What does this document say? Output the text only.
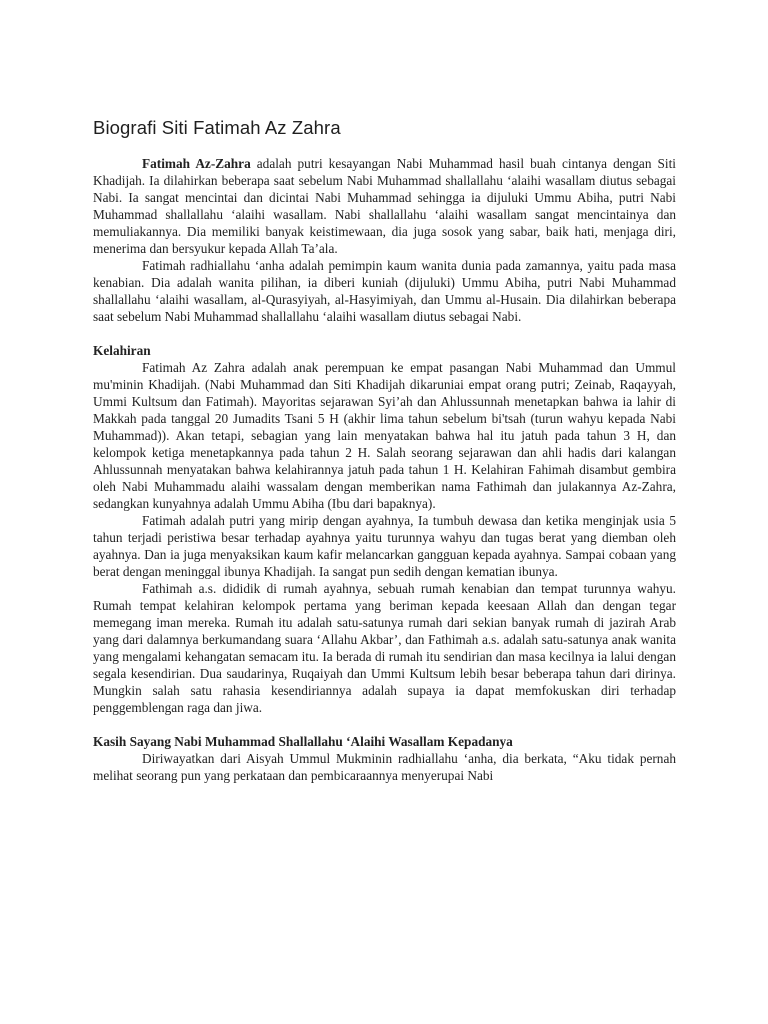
Biografi Siti Fatimah Az Zahra

Fatimah Az-Zahra adalah putri kesayangan Nabi Muhammad hasil buah cintanya dengan Siti Khadijah. Ia dilahirkan beberapa saat sebelum Nabi Muhammad shallallahu ‘alaihi wasallam diutus sebagai Nabi. Ia sangat mencintai dan dicintai Nabi Muhammad sehingga ia dijuluki Ummu Abiha, putri Nabi Muhammad shallallahu ‘alaihi wasallam. Nabi shallallahu ‘alaihi wasallam sangat mencintainya dan memuliakannya. Dia memiliki banyak keistimewaan, dia juga sosok yang sabar, baik hati, menjaga diri, menerima dan bersyukur kepada Allah Ta’ala.

Fatimah radhiallahu ‘anha adalah pemimpin kaum wanita dunia pada zamannya, yaitu pada masa kenabian. Dia adalah wanita pilihan, ia diberi kuniah (dijuluki) Ummu Abiha, putri Nabi Muhammad shallallahu ‘alaihi wasallam, al-Qurasyiyah, al-Hasyimiyah, dan Ummu al-Husain. Dia dilahirkan beberapa saat sebelum Nabi Muhammad shallallahu ‘alaihi wasallam diutus sebagai Nabi.

Kelahiran

Fatimah Az Zahra adalah anak perempuan ke empat pasangan Nabi Muhammad dan Ummul mu'minin Khadijah. (Nabi Muhammad dan Siti Khadijah dikaruniai empat orang putri; Zeinab, Raqayyah, Ummi Kultsum dan Fatimah). Mayoritas sejarawan Syi’ah dan Ahlussunnah menetapkan bahwa ia lahir di Makkah pada tanggal 20 Jumadits Tsani 5 H (akhir lima tahun sebelum bi'tsah (turun wahyu kepada Nabi Muhammad)). Akan tetapi, sebagian yang lain menyatakan bahwa hal itu jatuh pada tahun 3 H, dan kelompok ketiga menetapkannya pada tahun 2 H. Salah seorang sejarawan dan ahli hadis dari kalangan Ahlussunnah menyatakan bahwa kelahirannya jatuh pada tahun 1 H. Kelahiran Fahimah disambut gembira oleh Nabi Muhammadu alaihi wassalam dengan memberikan nama Fathimah dan julakannya Az-Zahra, sedangkan kunyahnya adalah Ummu Abiha (Ibu dari bapaknya).

Fatimah adalah putri yang mirip dengan ayahnya, Ia tumbuh dewasa dan ketika menginjak usia 5 tahun terjadi peristiwa besar terhadap ayahnya yaitu turunnya wahyu dan tugas berat yang diemban oleh ayahnya. Dan ia juga menyaksikan kaum kafir melancarkan gangguan kepada ayahnya. Sampai cobaan yang berat dengan meninggal ibunya Khadijah. Ia sangat pun sedih dengan kematian ibunya.

Fathimah a.s. dididik di rumah ayahnya, sebuah rumah kenabian dan tempat turunnya wahyu. Rumah tempat kelahiran kelompok pertama yang beriman kepada keesaan Allah dan dengan tegar memegang iman mereka. Rumah itu adalah satu-satunya rumah dari sekian banyak rumah di jazirah Arab yang dari dalamnya berkumandang suara ‘Allahu Akbar’, dan Fathimah a.s. adalah satu-satunya anak wanita yang mengalami kehangatan semacam itu. Ia berada di rumah itu sendirian dan masa kecilnya ia lalui dengan segala kesendirian. Dua saudarinya, Ruqaiyah dan Ummi Kultsum lebih besar beberapa tahun dari dirinya. Mungkin salah satu rahasia kesendiriannya adalah supaya ia dapat memfokuskan diri terhadap penggemblengan raga dan jiwa.

Kasih Sayang Nabi Muhammad Shallallahu ‘Alaihi Wasallam Kepadanya

Diriwayatkan dari Aisyah Ummul Mukminin radhiallahu ‘anha, dia berkata, “Aku tidak pernah melihat seorang pun yang perkataan dan pembicaraannya menyerupai Nabi
